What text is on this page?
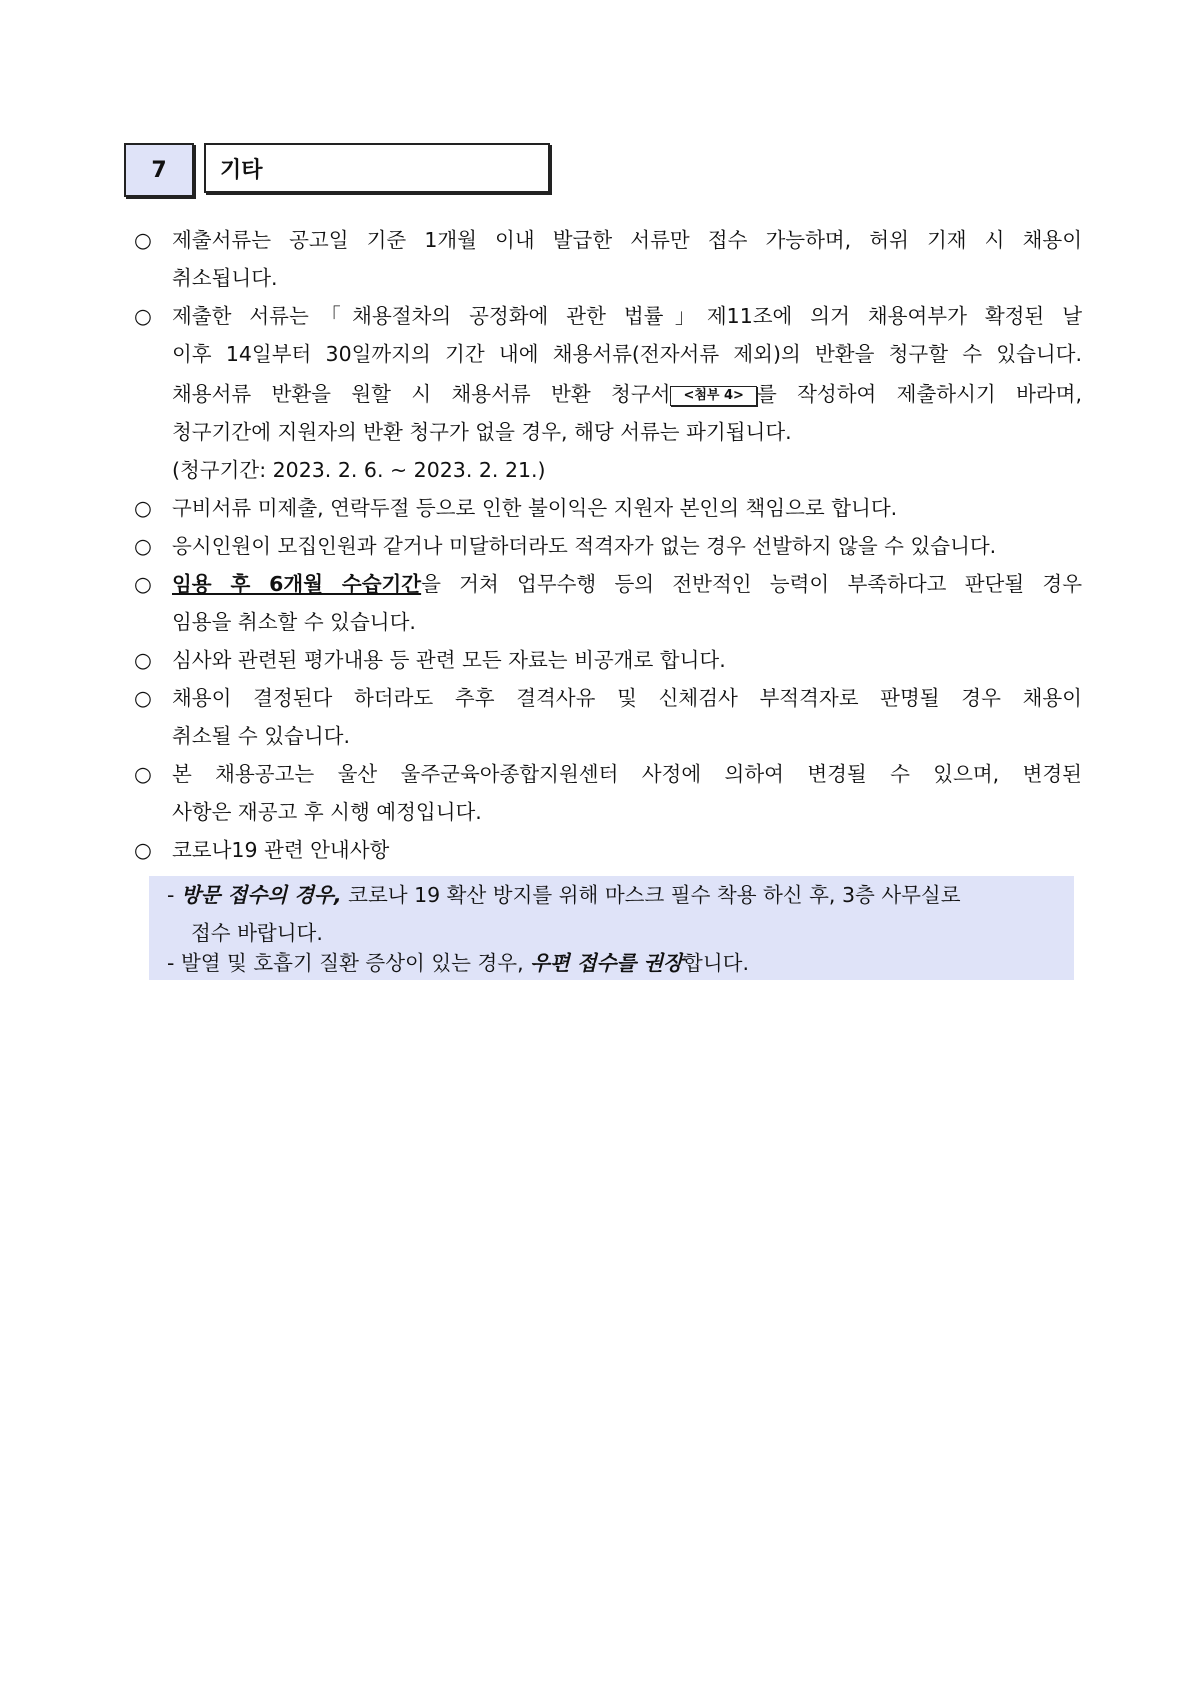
7	기타
○ 제출서류는 공고일 기준 1개월 이내 발급한 서류만 접수 가능하며, 허위 기재 시 채용이
취소됩니다.
○ 제출한 서류는「채용절차의 공정화에 관한 법률」제11조에 의거 채용여부가 확정된 날
이후 14일부터 30일까지의 기간 내에 채용서류(전자서류 제외)의 반환을 청구할 수 있습니다.
채용서류 반환을 원할 시 채용서류 반환 청구서 <첨부 4> 를 작성하여 제출하시기 바라며,
청구기간에 지원자의 반환 청구가 없을 경우, 해당 서류는 파기됩니다.
(청구기간: 2023. 2. 6. ~ 2023. 2. 21.)
○ 구비서류 미제출, 연락두절 등으로 인한 불이익은 지원자 본인의 책임으로 합니다.
○ 응시인원이 모집인원과 같거나 미달하더라도 적격자가 없는 경우 선발하지 않을 수 있습니다.
○ 임용 후 6개월 수습기간을 거쳐 업무수행 등의 전반적인 능력이 부족하다고 판단될 경우
임용을 취소할 수 있습니다.
○ 심사와 관련된 평가내용 등 관련 모든 자료는 비공개로 합니다.
○ 채용이 결정된다 하더라도 추후 결격사유 및 신체검사 부적격자로 판명될 경우 채용이
취소될 수 있습니다.
○ 본 채용공고는 울산 울주군육아종합지원센터 사정에 의하여 변경될 수 있으며, 변경된
사항은 재공고 후 시행 예정입니다.
○ 코로나19 관련 안내사항
- 방문 접수의 경우, 코로나 19 확산 방지를 위해 마스크 필수 착용 하신 후, 3층 사무실로
접수 바랍니다.
- 발열 및 호흡기 질환 증상이 있는 경우, 우편 접수를 권장합니다.
